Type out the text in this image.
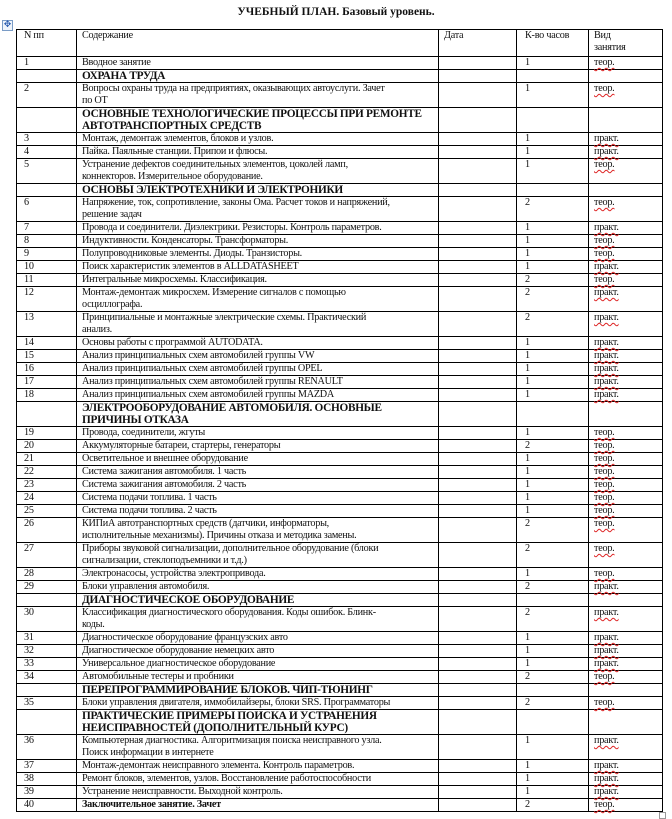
УЧЕБНЫЙ ПЛАН. Базовый уровень.
✥
N пп	Содержание	Дата	К-во часов	Вид
занятия
1	Вводное занятие		1	теор.
	ОХРАНА ТРУДА			
2	Вопросы охраны труда на предприятиях, оказывающих автоуслуги. Зачет
по ОТ		1	теор.
	ОСНОВНЫЕ ТЕХНОЛОГИЧЕСКИЕ ПРОЦЕССЫ ПРИ РЕМОНТЕ
АВТОТРАНСПОРТНЫХ СРЕДСТВ			
3	Монтаж, демонтаж элементов, блоков и узлов.		1	практ.
4	Пайка. Паяльные станции. Припои и флюсы.		1	практ.
5	Устранение дефектов соединительных элементов, цоколей ламп,
коннекторов. Измерительное оборудование.		1	теор.
	ОСНОВЫ ЭЛЕКТРОТЕХНИКИ И ЭЛЕКТРОНИКИ			
6	Напряжение, ток, сопротивление, законы Ома. Расчет токов и напряжений,
решение задач		2	теор.
7	Провода и соединители. Диэлектрики. Резисторы. Контроль параметров.		1	практ.
8	Индуктивности. Конденсаторы. Трансформаторы.		1	теор.
9	Полупроводниковые элементы. Диоды. Транзисторы.		1	теор.
10	Поиск характеристик элементов в ALLDATASHEET		1	практ.
11	Интегральные микросхемы. Классификация.		2	теор.
12	Монтаж-демонтаж микросхем. Измерение сигналов с помощью
осциллографа.		2	практ.
13	Принципиальные и монтажные электрические схемы. Практический
анализ.		2	практ.
14	Основы работы с программой AUTODATA.		1	практ.
15	Анализ принципиальных схем автомобилей группы VW		1	практ.
16	Анализ принципиальных схем автомобилей группы OPEL		1	практ.
17	Анализ принципиальных схем автомобилей группы RENAULT		1	практ.
18	Анализ принципиальных схем автомобилей группы MAZDA		1	практ.
	ЭЛЕКТРООБОРУДОВАНИЕ АВТОМОБИЛЯ. ОСНОВНЫЕ
ПРИЧИНЫ ОТКАЗА			
19	Провода, соединители, жгуты		1	теор.
20	Аккумуляторные батареи, стартеры, генераторы		2	теор.
21	Осветительное и внешнее оборудование		1	теор.
22	Система зажигания автомобиля. 1 часть		1	теор.
23	Система зажигания автомобиля. 2 часть		1	теор.
24	Система подачи топлива. 1 часть		1	теор.
25	Система подачи топлива. 2 часть		1	теор.
26	КИПиА автотранспортных средств (датчики, информаторы,
исполнительные механизмы). Причины отказа и методика замены.		2	теор.
27	Приборы звуковой сигнализации, дополнительное оборудование (блоки
сигнализации, стеклоподъемники и т.д.)		2	теор.
28	Электронасосы, устройства электропривода.		1	теор.
29	Блоки управления автомобиля.		2	практ.
	ДИАГНОСТИЧЕСКОЕ ОБОРУДОВАНИЕ			
30	Классификация диагностического оборудования. Коды ошибок. Блинк-
коды.		2	практ.
31	Диагностическое оборудование французских авто		1	практ.
32	Диагностическое оборудование немецких авто		1	практ.
33	Универсальное диагностическое оборудование		1	практ.
34	Автомобильные тестеры и пробники		2	теор.
	ПЕРЕПРОГРАММИРОВАНИЕ БЛОКОВ. ЧИП-ТЮНИНГ			
35	Блоки управления двигателя, иммобилайзеры, блоки SRS. Программаторы		2	теор.
	ПРАКТИЧЕСКИЕ ПРИМЕРЫ ПОИСКА И УСТРАНЕНИЯ
НЕИСПРАВНОСТЕЙ (ДОПОЛНИТЕЛЬНЫЙ КУРС)			
36	Компьютерная диагностика. Алгоритмизация поиска неисправного узла.
Поиск информации в интернете		1	практ.
37	Монтаж-демонтаж неисправного элемента. Контроль параметров.		1	практ.
38	Ремонт блоков, элементов, узлов. Восстановление работоспособности		1	практ.
39	Устранение неисправности. Выходной контроль.		1	практ.
40	Заключительное занятие. Зачет		2	теор.
